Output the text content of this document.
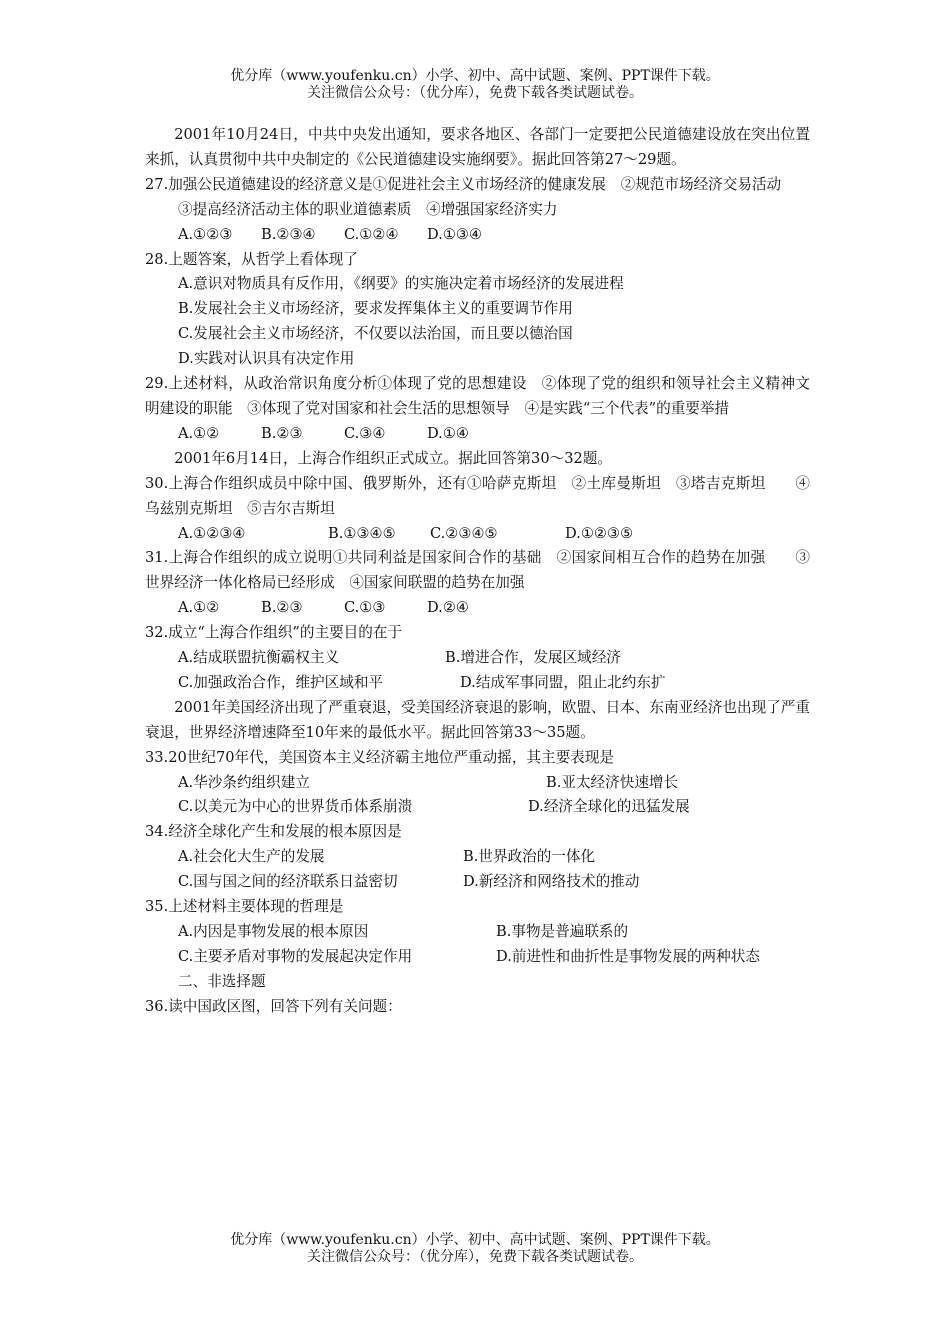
优分库（www.youfenku.cn）小学、初中、高中试题、案例、PPT课件下载。
关注微信公众号：（优分库），免费下载各类试题试卷。
2001年10月24日，中共中央发出通知，要求各地区、各部门一定要把公民道德建设放在突出位置来抓，认真贯彻中共中央制定的《公民道德建设实施纲要》。据此回答第27～29题。
27.加强公民道德建设的经济意义是①促进社会主义市场经济的健康发展　②规范市场经济交易活动
③提高经济活动主体的职业道德素质　④增强国家经济实力
A.①②③ B.②③④ C.①②④ D.①③④
28.上题答案，从哲学上看体现了
A.意识对物质具有反作用，《纲要》的实施决定着市场经济的发展进程
B.发展社会主义市场经济，要求发挥集体主义的重要调节作用
C.发展社会主义市场经济，不仅要以法治国，而且要以德治国
D.实践对认识具有决定作用
29.上述材料，从政治常识角度分析①体现了党的思想建设　②体现了党的组织和领导社会主义精神文明建设的职能　③体现了党对国家和社会生活的思想领导　④是实践“三个代表”的重要举措
A.①②	B.②③	C.③④	D.①④
2001年6月14日，上海合作组织正式成立。据此回答第30～32题。
30.上海合作组织成员中除中国、俄罗斯外，还有①哈萨克斯坦　②土库曼斯坦　③塔吉克斯坦　　④乌兹别克斯坦　⑤吉尔吉斯坦
A.①②③④	B.①③④⑤ C.②③④⑤	D.①②③⑤
31.上海合作组织的成立说明①共同利益是国家间合作的基础　②国家间相互合作的趋势在加强　　③世界经济一体化格局已经形成　④国家间联盟的趋势在加强
A.①②	B.②③	C.①③	D.②④
32.成立“上海合作组织”的主要目的在于
A.结成联盟抗衡霸权主义	B.增进合作，发展区域经济
C.加强政治合作，维护区域和平	D.结成军事同盟，阻止北约东扩
2001年美国经济出现了严重衰退，受美国经济衰退的影响，欧盟、日本、东南亚经济也出现了严重衰退，世界经济增速降至10年来的最低水平。据此回答第33～35题。
33.20世纪70年代，美国资本主义经济霸主地位严重动摇，其主要表现是
A.华沙条约组织建立	B.亚太经济快速增长
C.以美元为中心的世界货币体系崩溃	D.经济全球化的迅猛发展
34.经济全球化产生和发展的根本原因是
A.社会化大生产的发展	B.世界政治的一体化
C.国与国之间的经济联系日益密切	D.新经济和网络技术的推动
35.上述材料主要体现的哲理是
A.内因是事物发展的根本原因	B.事物是普遍联系的
C.主要矛盾对事物的发展起决定作用	D.前进性和曲折性是事物发展的两种状态
二、非选择题
36.读中国政区图，回答下列有关问题：
优分库（www.youfenku.cn）小学、初中、高中试题、案例、PPT课件下载。
关注微信公众号：（优分库），免费下载各类试题试卷。
